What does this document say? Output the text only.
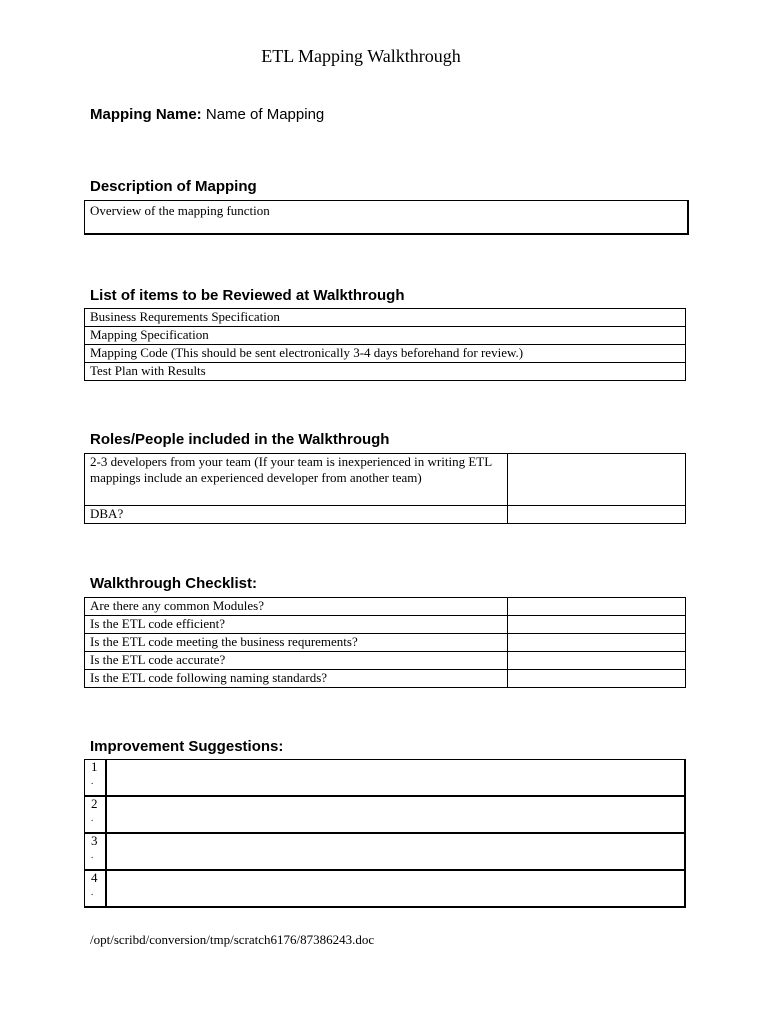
ETL Mapping Walkthrough
Mapping Name: Name of Mapping
Description of Mapping
Overview of the mapping function
List of items to be Reviewed at Walkthrough
Business Requrements Specification
Mapping Specification
Mapping Code (This should be sent electronically 3-4 days beforehand for review.)
Test Plan with Results
Roles/People included in the Walkthrough
2-3 developers from your team (If your team is inexperienced in writing ETL mappings include an experienced developer from another team)	
DBA?	
Walkthrough Checklist:
Are there any common Modules?	
Is the ETL code efficient?	
Is the ETL code meeting the business requrements?	
Is the ETL code accurate?	
Is the ETL code following naming standards?	
Improvement Suggestions:
1
.	

2
.	

3
.	

4
.	

/opt/scribd/conversion/tmp/scratch6176/87386243.doc
